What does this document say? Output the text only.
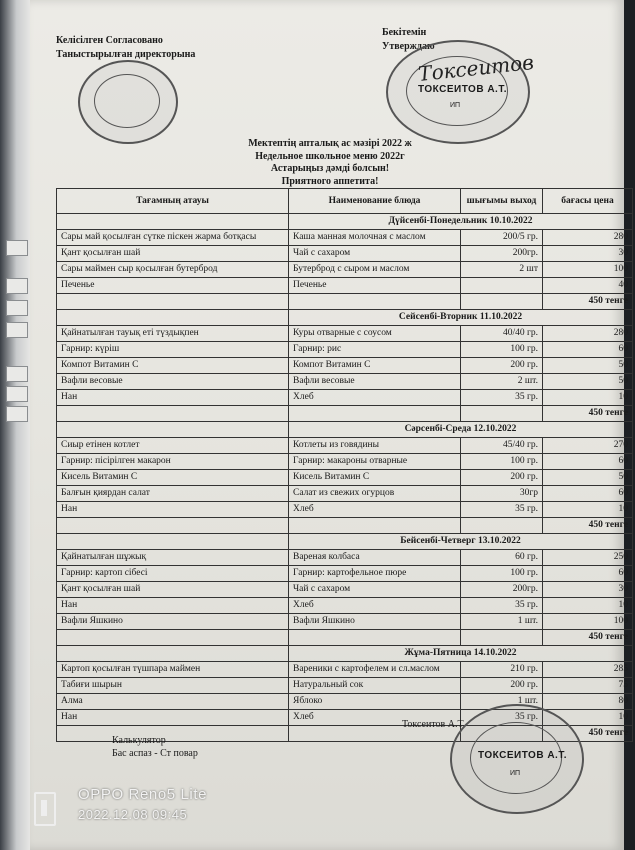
Келісілген Согласовано
Таныстырылған директорына
Бекітемін
Утверждаю
ТОКСЕИТОВ А.Т.
ИП
Токсеитов
Мектептің апталық ас мәзірі 2022 ж
Недельное школьное меню 2022г
Астарыңыз дәмді болсын!
Приятного аппетита!
Тағамның атауы	Наименование блюда	шығымы выход	бағасы цена
	Дүйсенбі-Понедельник 10.10.2022		
Сары май қосылған сүтке піскен жарма ботқасы	Каша манная молочная с маслом	200/5 гр.	280
Қант қосылған шай	Чай с сахаром	200гр.	30
Сары маймен сыр қосылған бутерброд	Бутерброд с сыром и маслом	2 шт	100
Печенье	Печенье		40
			450 тенге
	Сейсенбі-Вторник 11.10.2022		
Қайнатылған тауық еті түздықпен	Куры отварные с соусом	40/40 гр.	280
Гарнир: күріш	Гарнир: рис	100 гр.	60
Компот Витамин С	Компот Витамин С	200 гр.	50
Вафли весовые	Вафли весовые	2 шт.	50
Нан	Хлеб	35 гр.	10
			450 тенге
	Сәрсенбі-Среда 12.10.2022		
Сиыр етінен котлет	Котлеты из говядины	45/40 гр.	270
Гарнир: пісірілген макарон	Гарнир: макароны отварные	100 гр.	60
Кисель Витамин С	Кисель Витамин С	200 гр.	50
Балғын қиярдан салат	Салат из свежих огурцов	30гр	60
Нан	Хлеб	35 гр.	10
			450 тенге
	Бейсенбі-Четверг 13.10.2022		
Қайнатылған шұжық	Вареная колбаса	60 гр.	250
Гарнир: картоп сібесі	Гарнир: картофельное пюре	100 гр.	60
Қант қосылған шай	Чай с сахаром	200гр.	30
Нан	Хлеб	35 гр.	10
Вафли Яшкино	Вафли Яшкино	1 шт.	100
			450 тенге
	Жұма-Пятница 14.10.2022		
Картоп қосылған түшпара маймен	Вареники с картофелем и сл.маслом	210 гр.	285
Табиғи шырын	Натуральный сок	200 гр.	75
Алма	Яблоко	1 шт.	80
Нан	Хлеб	35 гр.	10
			450 тенге
Калькулятор
Бас аспаз - Ст повар
Токсеитов А.Т.
ТОКСЕИТОВ А.Т.
ИП
OPPO Reno5 Lite
2022.12.08 09:45
